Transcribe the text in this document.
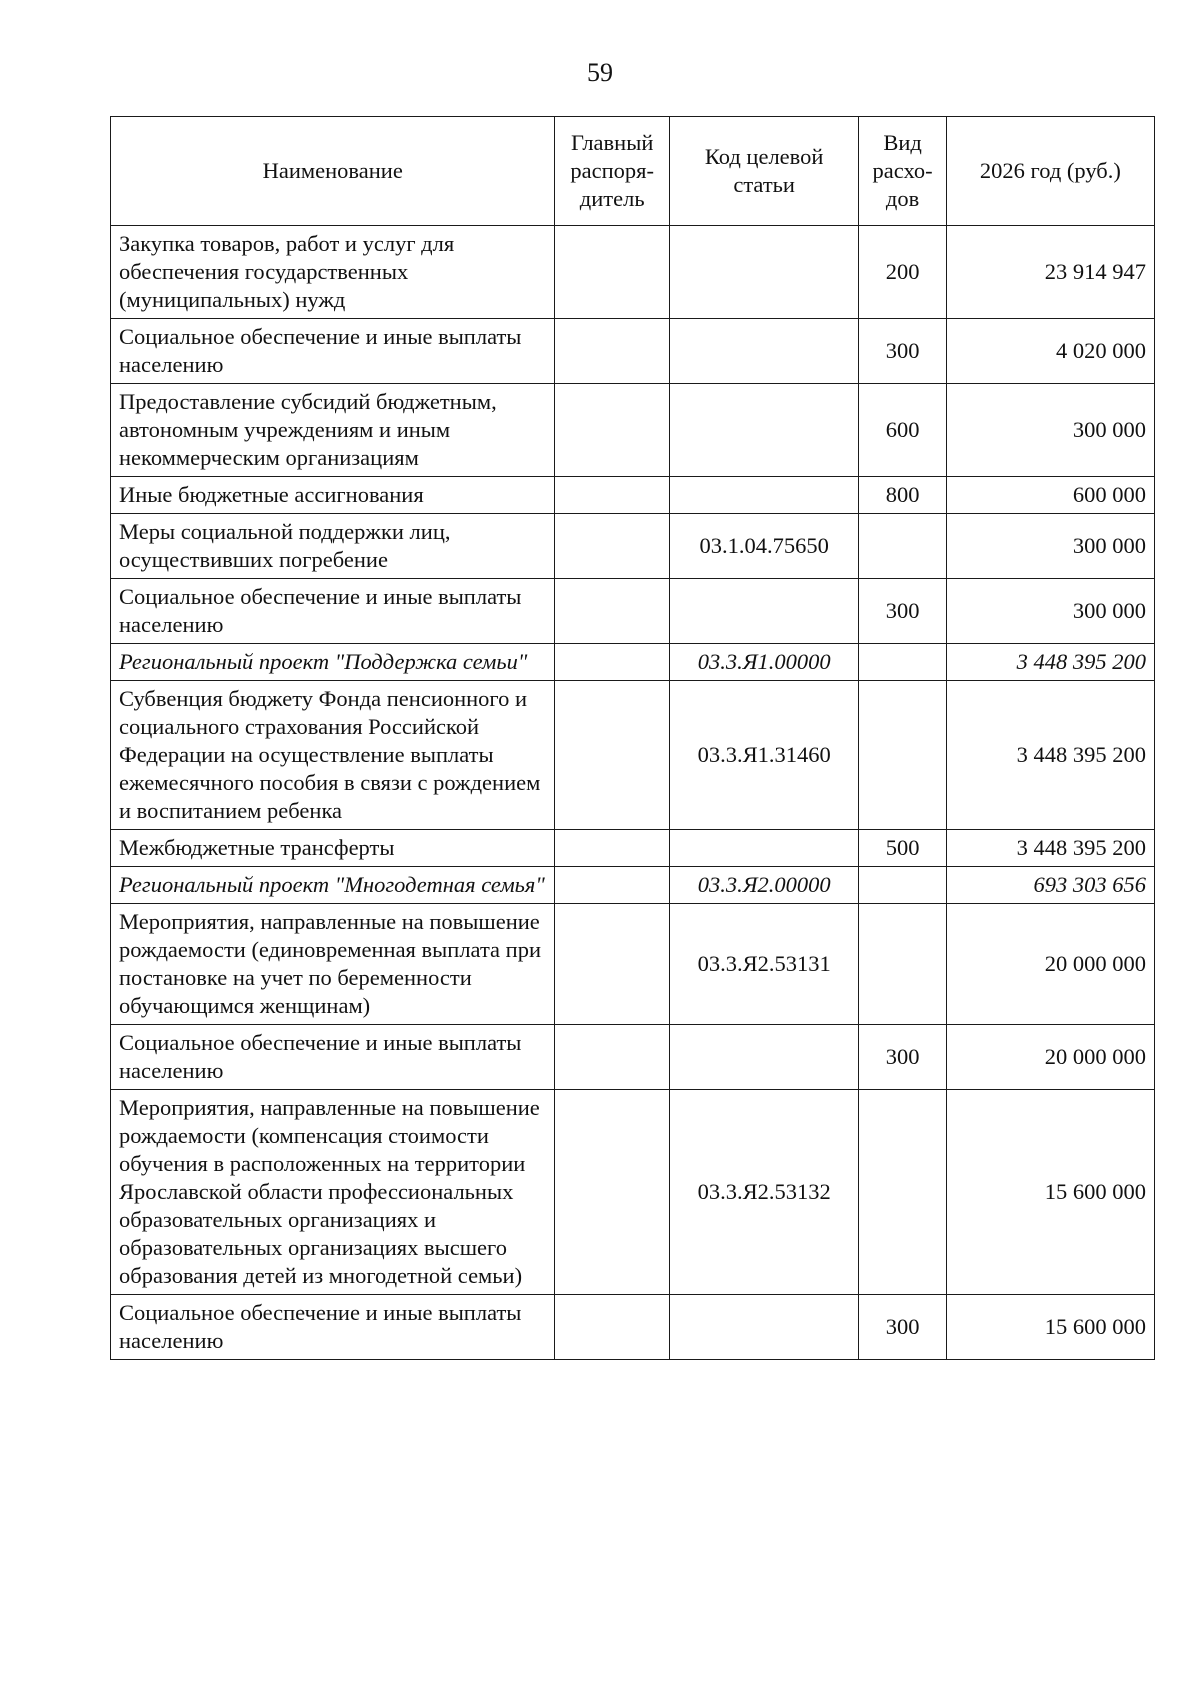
59
Наименование	Главный распоря-дитель	Код целевой статьи	Вид расхо-дов	2026 год (руб.)
Закупка товаров, работ и услуг для обеспечения государственных (муниципальных) нужд			200	23 914 947
Социальное обеспечение и иные выплаты населению			300	4 020 000
Предоставление субсидий бюджетным, автономным учреждениям и иным некоммерческим организациям			600	300 000
Иные бюджетные ассигнования			800	600 000
Меры социальной поддержки лиц, осуществивших погребение		03.1.04.75650		300 000
Социальное обеспечение и иные выплаты населению			300	300 000
Региональный проект "Поддержка семьи"		03.3.Я1.00000		3 448 395 200
Субвенция бюджету Фонда пенсионного и социального страхования Российской Федерации на осуществление выплаты ежемесячного пособия в связи с рождением и воспитанием ребенка		03.3.Я1.31460		3 448 395 200
Межбюджетные трансферты			500	3 448 395 200
Региональный проект "Многодетная семья"		03.3.Я2.00000		693 303 656
Мероприятия, направленные на повышение рождаемости (единовременная выплата при постановке на учет по беременности обучающимся женщинам)		03.3.Я2.53131		20 000 000
Социальное обеспечение и иные выплаты населению			300	20 000 000
Мероприятия, направленные на повышение рождаемости (компенсация стоимости обучения в расположенных на территории Ярославской области профессиональных образовательных организациях и образовательных организациях высшего образования детей из многодетной семьи)		03.3.Я2.53132		15 600 000
Социальное обеспечение и иные выплаты населению			300	15 600 000
